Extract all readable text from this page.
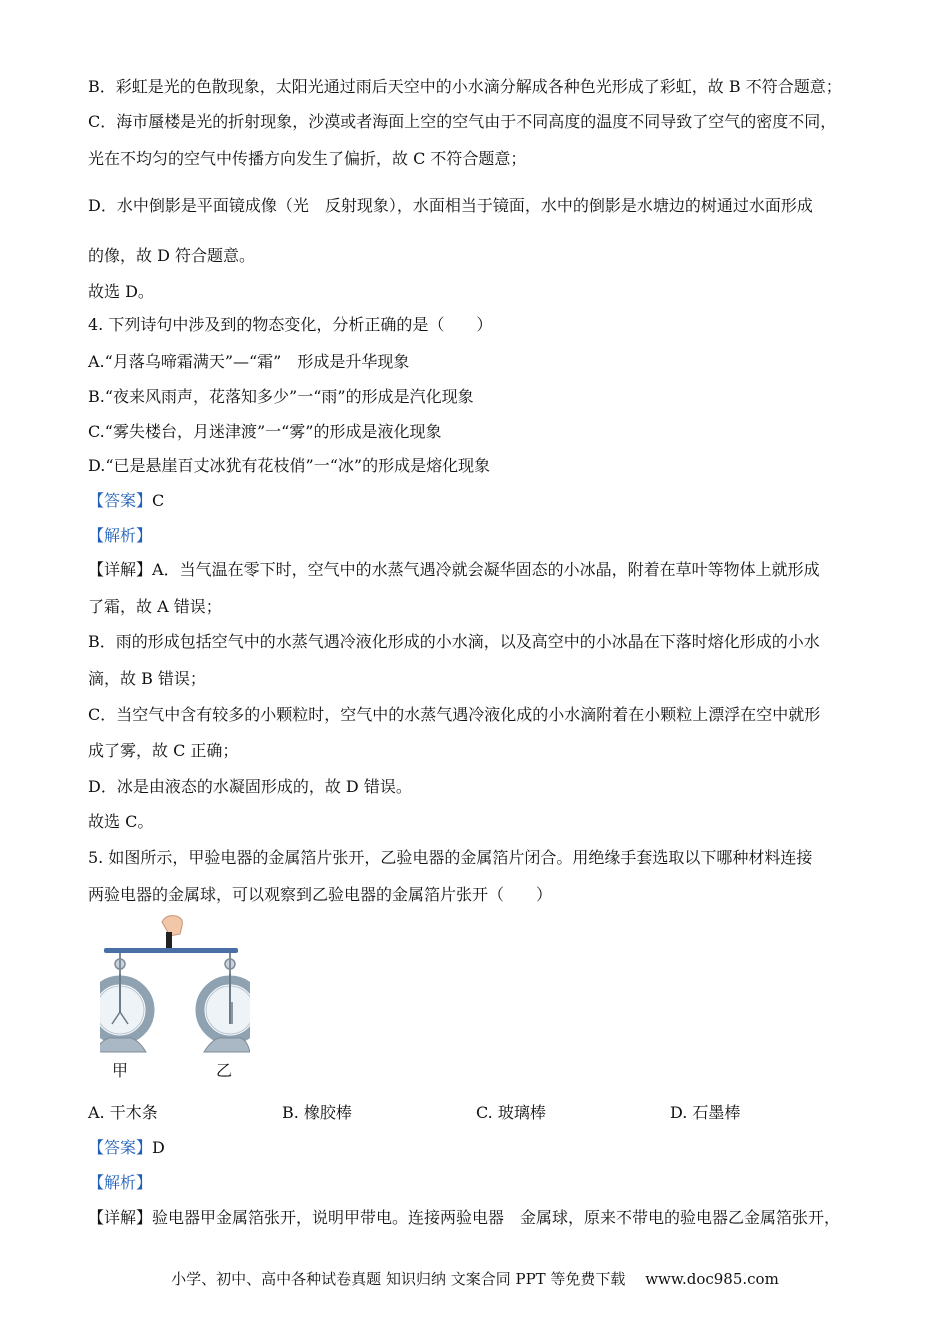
B．彩虹是光的色散现象，太阳光通过雨后天空中的小水滴分解成各种色光形成了彩虹，故 B 不符合题意；
C．海市蜃楼是光的折射现象，沙漠或者海面上空的空气由于不同高度的温度不同导致了空气的密度不同，
光在不均匀的空气中传播方向发生了偏折，故 C 不符合题意；
D．水中倒影是平面镜成像（光　反射现象），水面相当于镜面，水中的倒影是水塘边的树通过水面形成
的像，故 D 符合题意。
故选 D。
4. 下列诗句中涉及到的物态变化，分析正确的是（　　）
A.“月落乌啼霜满天”—“霜”　形成是升华现象
B.“夜来风雨声，花落知多少”一“雨”的形成是汽化现象
C.“雾失楼台，月迷津渡”一“雾”的形成是液化现象
D.“已是悬崖百丈冰犹有花枝俏”一“冰”的形成是熔化现象
【答案】C
【解析】
【详解】A．当气温在零下时，空气中的水蒸气遇冷就会凝华固态的小冰晶，附着在草叶等物体上就形成
了霜，故 A 错误；
B．雨的形成包括空气中的水蒸气遇冷液化形成的小水滴，以及高空中的小冰晶在下落时熔化形成的小水
滴，故 B 错误；
C．当空气中含有较多的小颗粒时，空气中的水蒸气遇冷液化成的小水滴附着在小颗粒上漂浮在空中就形
成了雾，故 C 正确；
D．冰是由液态的水凝固形成的，故 D 错误。
故选 C。
5. 如图所示，甲验电器的金属箔片张开，乙验电器的金属箔片闭合。用绝缘手套选取以下哪种材料连接
两验电器的金属球，可以观察到乙验电器的金属箔片张开（　　）
甲	乙
A. 干木条	B. 橡胶棒	C. 玻璃棒	D. 石墨棒
【答案】D
【解析】
【详解】验电器甲金属箔张开，说明甲带电。连接两验电器　金属球，原来不带电的验电器乙金属箔张开，
小学、初中、高中各种试卷真题 知识归纳 文案合同 PPT 等免费下载　 www.doc985.com
